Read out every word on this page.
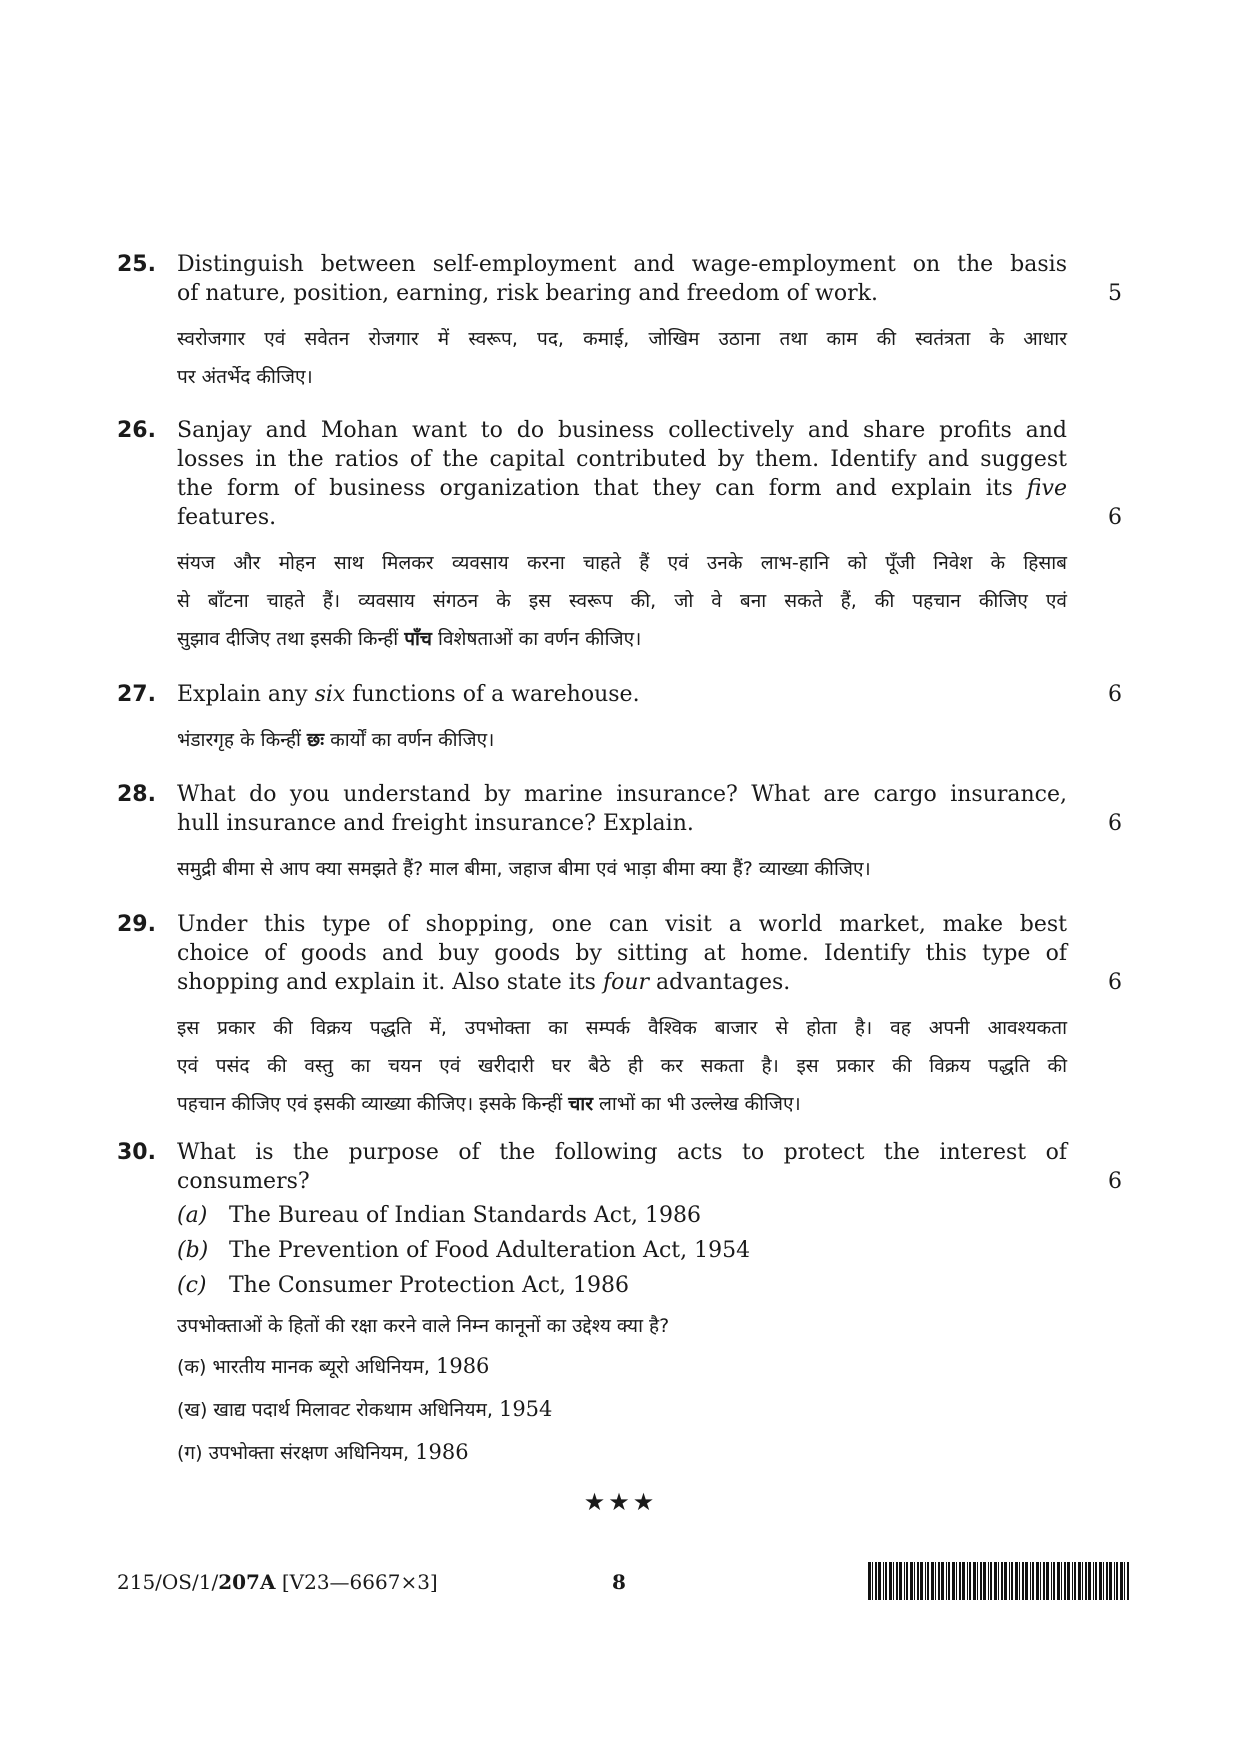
25. Distinguish between self-employment and wage-employment on the basis
of nature, position, earning, risk bearing and freedom of work.	5
स्वरोजगार एवं सवेतन रोजगार में स्वरूप, पद, कमाई, जोखिम उठाना तथा काम की स्वतंत्रता के आधार
पर अंतर्भेद कीजिए।
26. Sanjay and Mohan want to do business collectively and share profits and
losses in the ratios of the capital contributed by them. Identify and suggest
the form of business organization that they can form and explain its five
features.	6
संयज और मोहन साथ मिलकर व्यवसाय करना चाहते हैं एवं उनके लाभ-हानि को पूँजी निवेश के हिसाब
से बाँटना चाहते हैं। व्यवसाय संगठन के इस स्वरूप की, जो वे बना सकते हैं, की पहचान कीजिए एवं
सुझाव दीजिए तथा इसकी किन्हीं पाँच विशेषताओं का वर्णन कीजिए।
27. Explain any six functions of a warehouse.	6
भंडारगृह के किन्हीं छः कार्यों का वर्णन कीजिए।
28. What do you understand by marine insurance? What are cargo insurance,
hull insurance and freight insurance? Explain.	6
समुद्री बीमा से आप क्या समझते हैं? माल बीमा, जहाज बीमा एवं भाड़ा बीमा क्या हैं? व्याख्या कीजिए।
29. Under this type of shopping, one can visit a world market, make best
choice of goods and buy goods by sitting at home. Identify this type of
shopping and explain it. Also state its four advantages.	6
इस प्रकार की विक्रय पद्धति में, उपभोक्ता का सम्पर्क वैश्विक बाजार से होता है। वह अपनी आवश्यकता
एवं पसंद की वस्तु का चयन एवं खरीदारी घर बैठे ही कर सकता है। इस प्रकार की विक्रय पद्धति की
पहचान कीजिए एवं इसकी व्याख्या कीजिए। इसके किन्हीं चार लाभों का भी उल्लेख कीजिए।
30. What is the purpose of the following acts to protect the interest of
consumers?	6
(a) The Bureau of Indian Standards Act, 1986
(b) The Prevention of Food Adulteration Act, 1954
(c) The Consumer Protection Act, 1986
उपभोक्ताओं के हितों की रक्षा करने वाले निम्न कानूनों का उद्देश्य क्या है?
(क) भारतीय मानक ब्यूरो अधिनियम, 1986
(ख) खाद्य पदार्थ मिलावट रोकथाम अधिनियम, 1954
(ग) उपभोक्ता संरक्षण अधिनियम, 1986
★★★
215/OS/1/207A [V23—6667×3]	8
